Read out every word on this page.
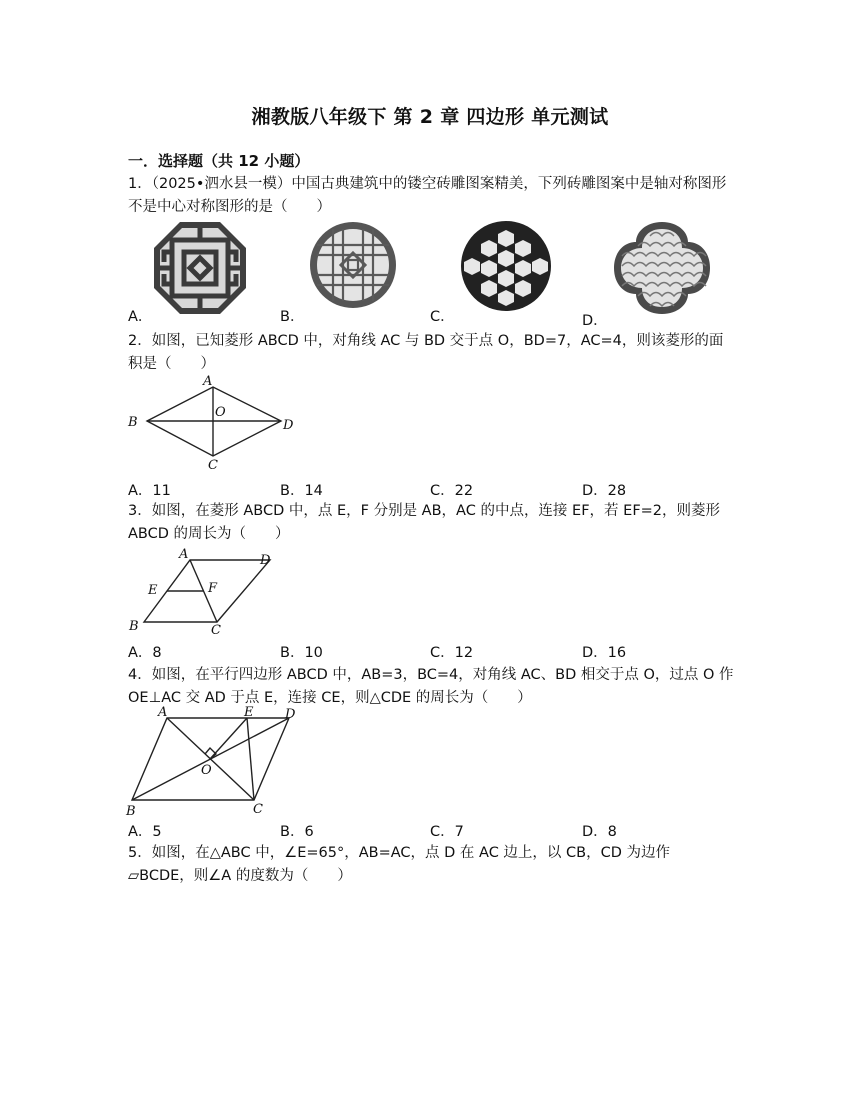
湘教版八年级下 第 2 章 四边形 单元测试
一．选择题（共 12 小题）
1．（2025•泗水县一模）中国古典建筑中的镂空砖雕图案精美，下列砖雕图案中是轴对称图形不是中心对称图形的是（　　）
A．	B．	C．	D．
2．如图，已知菱形 ABCD 中，对角线 AC 与 BD 交于点 O，BD=7，AC=4，则该菱形的面积是（　　）
A
B
C
D
O
A．11	B．14	C．22	D．28
3．如图，在菱形 ABCD 中，点 E，F 分别是 AB，AC 的中点，连接 EF，若 EF=2，则菱形 ABCD 的周长为（　　）
A	D
E	F
B	C
A．8	B．10	C．12	D．16
4．如图，在平行四边形 ABCD 中，AB=3，BC=4，对角线 AC、BD 相交于点 O，过点 O 作 OE⊥AC 交 AD 于点 E，连接 CE，则△CDE 的周长为（　　）
A	E D
O
B	C
A．5	B．6	C．7	D．8
5．如图，在△ABC 中，∠E=65°，AB=AC，点 D 在 AC 边上，以 CB，CD 为边作▱BCDE，则∠A 的度数为（　　）
